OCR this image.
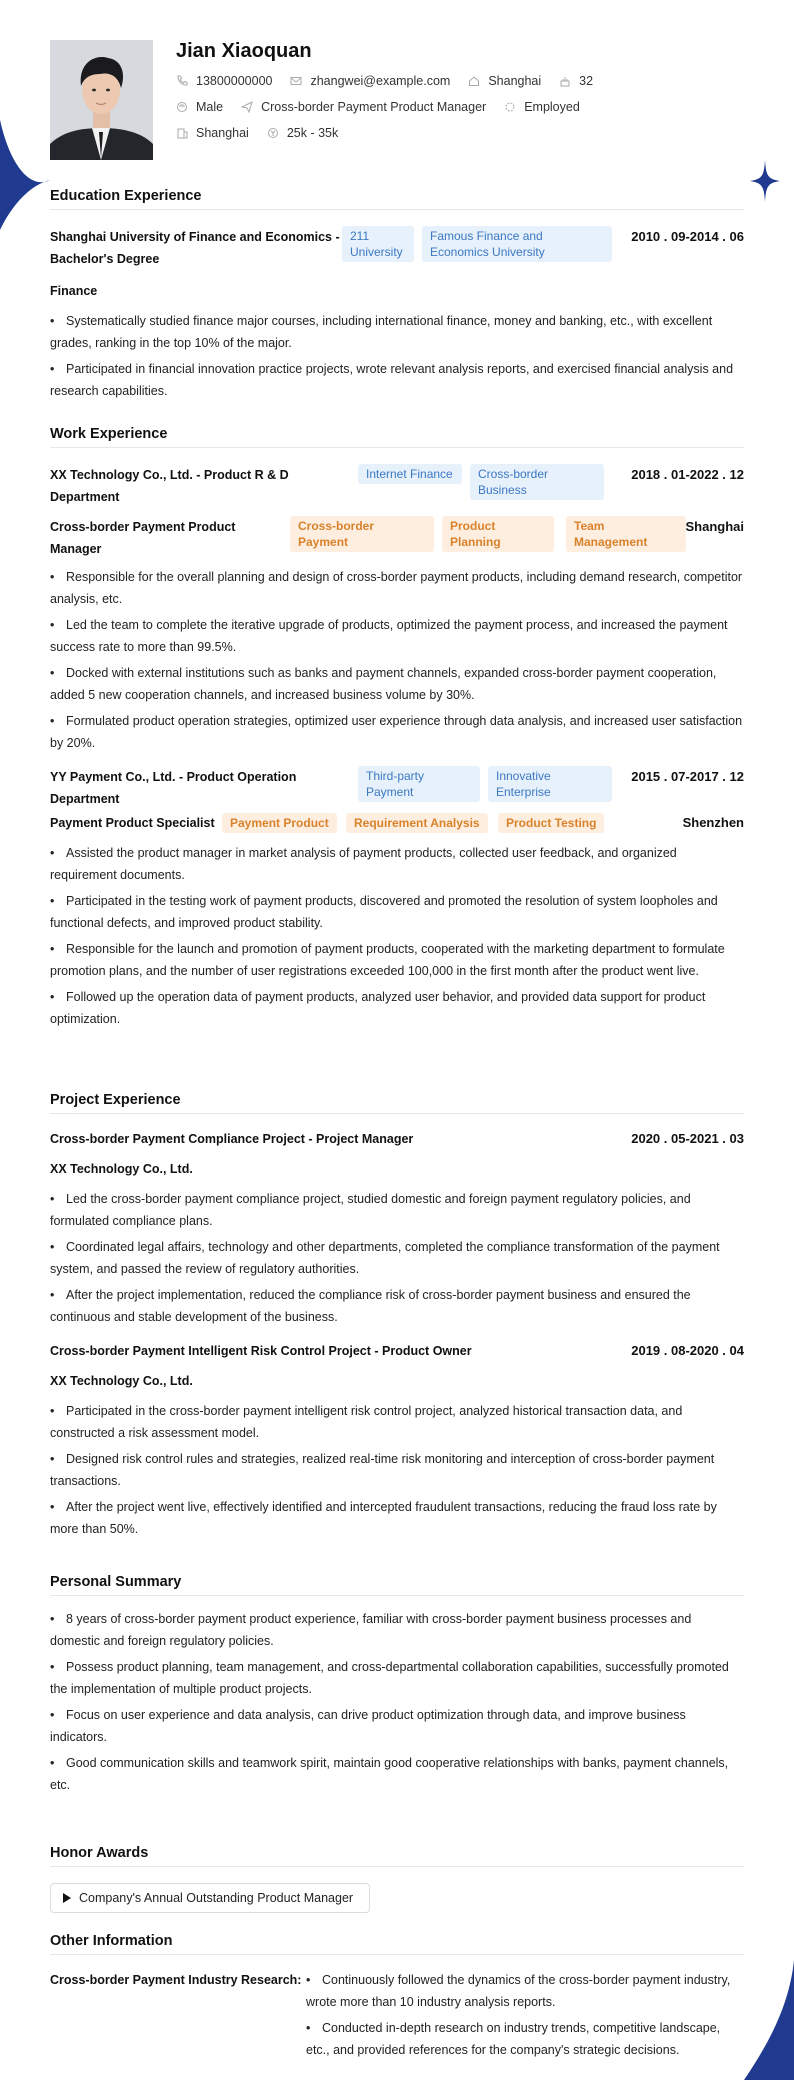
Jian Xiaoquan
13800000000	zhangwei@example.com	Shanghai	32
Male	Cross-border Payment Product Manager	Employed
Shanghai	25k - 35k
Education Experience
Shanghai University of Finance and Economics - Bachelor's Degree
211 University
Famous Finance and Economics University
2010 . 09-2014 . 06
Finance
• Systematically studied finance major courses, including international finance, money and banking, etc., with excellent grades, ranking in the top 10% of the major.
• Participated in financial innovation practice projects, wrote relevant analysis reports, and exercised financial analysis and research capabilities.
Work Experience
XX Technology Co., Ltd. - Product R & D Department
Internet Finance	Cross-border Business
2018 . 01-2022 . 12
Cross-border Payment Product Manager
Cross-border Payment
Product Planning
Team Management
Shanghai
• Responsible for the overall planning and design of cross-border payment products, including demand research, competitor analysis, etc.
• Led the team to complete the iterative upgrade of products, optimized the payment process, and increased the payment success rate to more than 99.5%.
• Docked with external institutions such as banks and payment channels, expanded cross-border payment cooperation, added 5 new cooperation channels, and increased business volume by 30%.
• Formulated product operation strategies, optimized user experience through data analysis, and increased user satisfaction by 20%.
YY Payment Co., Ltd. - Product Operation Department
Third-party Payment
Innovative Enterprise
2015 . 07-2017 . 12
Payment Product Specialist	Payment Product	Requirement Analysis	Product Testing	Shenzhen
• Assisted the product manager in market analysis of payment products, collected user feedback, and organized requirement documents.
• Participated in the testing work of payment products, discovered and promoted the resolution of system loopholes and functional defects, and improved product stability.
• Responsible for the launch and promotion of payment products, cooperated with the marketing department to formulate promotion plans, and the number of user registrations exceeded 100,000 in the first month after the product went live.
• Followed up the operation data of payment products, analyzed user behavior, and provided data support for product optimization.
Project Experience
Cross-border Payment Compliance Project - Project Manager	2020 . 05-2021 . 03
XX Technology Co., Ltd.
• Led the cross-border payment compliance project, studied domestic and foreign payment regulatory policies, and formulated compliance plans.
• Coordinated legal affairs, technology and other departments, completed the compliance transformation of the payment system, and passed the review of regulatory authorities.
• After the project implementation, reduced the compliance risk of cross-border payment business and ensured the continuous and stable development of the business.
Cross-border Payment Intelligent Risk Control Project - Product Owner	2019 . 08-2020 . 04
XX Technology Co., Ltd.
• Participated in the cross-border payment intelligent risk control project, analyzed historical transaction data, and constructed a risk assessment model.
• Designed risk control rules and strategies, realized real-time risk monitoring and interception of cross-border payment transactions.
• After the project went live, effectively identified and intercepted fraudulent transactions, reducing the fraud loss rate by more than 50%.
Personal Summary
• 8 years of cross-border payment product experience, familiar with cross-border payment business processes and domestic and foreign regulatory policies.
• Possess product planning, team management, and cross-departmental collaboration capabilities, successfully promoted the implementation of multiple product projects.
• Focus on user experience and data analysis, can drive product optimization through data, and improve business indicators.
• Good communication skills and teamwork spirit, maintain good cooperative relationships with banks, payment channels, etc.
Honor Awards
Company's Annual Outstanding Product Manager
Other Information
Cross-border Payment Industry Research:
•	Continuously followed the dynamics of the cross-border payment industry, wrote more than 10 industry analysis reports.
• Conducted in-depth research on industry trends, competitive landscape, etc., and provided references for the company's strategic decisions.
